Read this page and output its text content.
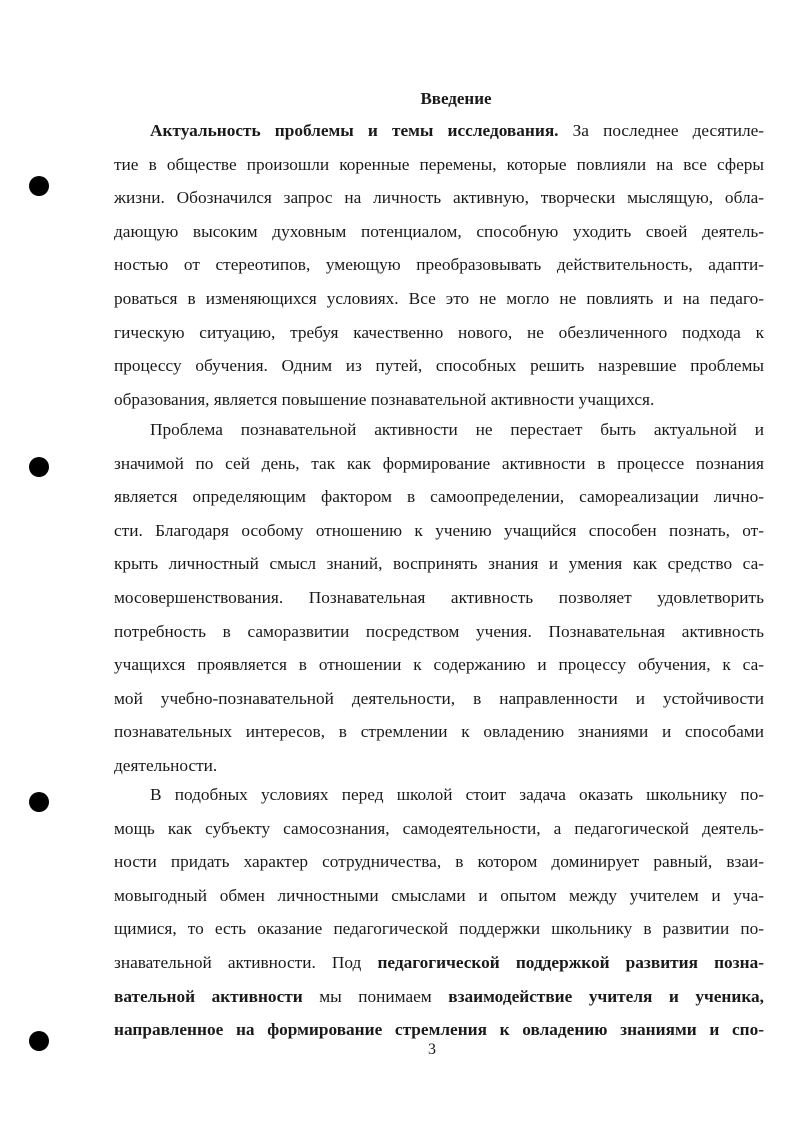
Введение
Актуальность проблемы и темы исследования. За последнее десятиле-
тие в обществе произошли коренные перемены, которые повлияли на все сферы
жизни. Обозначился запрос на личность активную, творчески мыслящую, обла-
дающую высоким духовным потенциалом, способную уходить своей деятель-
ностью от стереотипов, умеющую преобразовывать действительность, адапти-
роваться в изменяющихся условиях. Все это не могло не повлиять и на педаго-
гическую ситуацию, требуя качественно нового, не обезличенного подхода к
процессу обучения. Одним из путей, способных решить назревшие проблемы
образования, является повышение познавательной активности учащихся.
Проблема познавательной активности не перестает быть актуальной и
значимой по сей день, так как формирование активности в процессе познания
является определяющим фактором в самоопределении, самореализации лично-
сти. Благодаря особому отношению к учению учащийся способен познать, от-
крыть личностный смысл знаний, воспринять знания и умения как средство са-
мосовершенствования. Познавательная активность позволяет удовлетворить
потребность в саморазвитии посредством учения. Познавательная активность
учащихся проявляется в отношении к содержанию и процессу обучения, к са-
мой учебно-познавательной деятельности, в направленности и устойчивости
познавательных интересов, в стремлении к овладению знаниями и способами
деятельности.
В подобных условиях перед школой стоит задача оказать школьнику по-
мощь как субъекту самосознания, самодеятельности, а педагогической деятель-
ности придать характер сотрудничества, в котором доминирует равный, взаи-
мовыгодный обмен личностными смыслами и опытом между учителем и уча-
щимися, то есть оказание педагогической поддержки школьнику в развитии по-
знавательной активности. Под педагогической поддержкой развития позна-
вательной активности мы понимаем взаимодействие учителя и ученика,
направленное на формирование стремления к овладению знаниями и спо-
3
